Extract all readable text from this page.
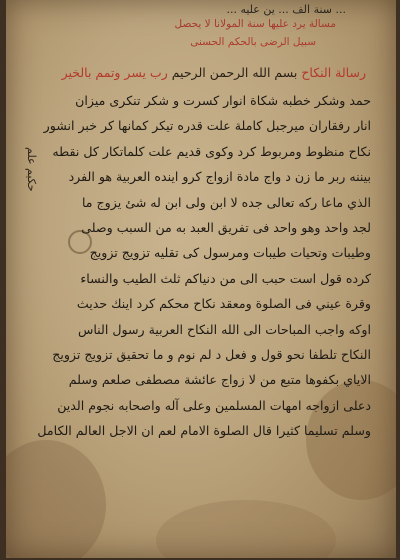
... سنة الف ... ين عليه ...
مسالة يرد عليها سنة المولانا لا يحصل
سبيل الرضى بالحكم الحسنى
رسالة النكاح بسم الله الرحمن الرحيم رب يسر وتمم بالخير
حكيم علم
حمد وشكر خطبه شكاة انوار كسرت و شكر تنكرى ميزان
انار رفقاران ميرجبل كاملة علت قدره تيكر كمانها كر خبر انشور
نكاح منظوط ومربوط كرد وكوى قديم علت كلماتكار كل نقطه
بيننه ربر ما زن د واج مادة ازواج كرو اينده العربية هو الفرد
الذي ماعا ركه تعالى جده لا ابن ولى ابن له شئ يزوج ما
لجد واحد وهو واحد فى تفريق العبد به من السبب وصلى
وطيبات وتحيات طيبات ومرسول كى تقليه تزويج تزويج
كرده قول است حبب الى من دنياكم ثلث الطيب والنساء
وقرة عيني فى الصلوة ومعقد نكاح محكم كرد اينك حديث
اوكه واجب المباحات الى الله النكاح العربية رسول الناس
النكاح تلطفا نحو قول و فعل د لم نوم و ما تحقيق تزويج تزويج
الاياي بكفوها متبع من لا زواج عائشة مصطفى صلعم وسلم
دعلى ازواجه امهات المسلمين وعلى آله واصحابه نجوم الدين
وسلم تسليما كثيرا قال الصلوة الامام لعم ان الاجل العالم الكامل
